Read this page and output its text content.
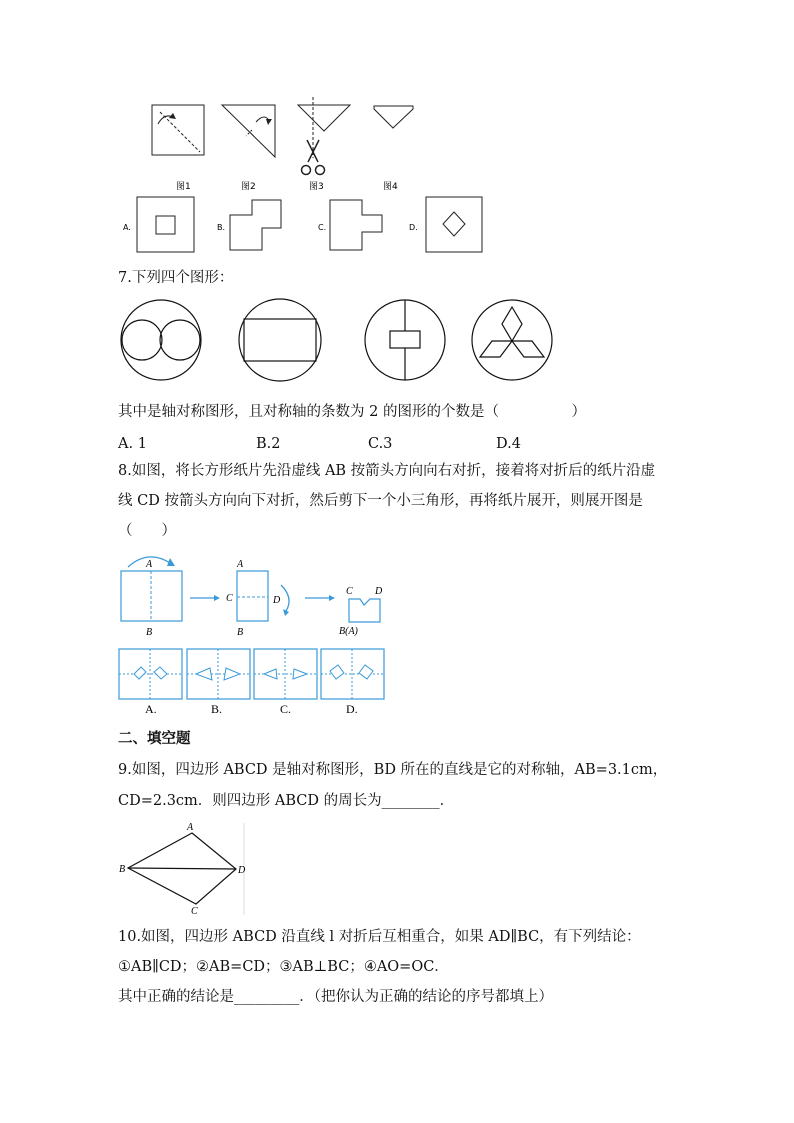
图1	图2	图3	图4
A.	B.	C.	D.
7.下列四个图形：
其中是轴对称图形，且对称轴的条数为 2 的图形的个数是（　　　　　）
A. 1	B.2	C.3	D.4
8.如图，将长方形纸片先沿虚线 AB 按箭头方向向右对折，接着将对折后的纸片沿虚
线 CD 按箭头方向向下对折，然后剪下一个小三角形，再将纸片展开，则展开图是
（　　）
A
B
A
C	D
B
C D
B(A)
A.	B.	C.	D.
二、填空题
9.如图，四边形 ABCD 是轴对称图形，BD 所在的直线是它的对称轴，AB=3.1cm，
CD=2.3cm．则四边形 ABCD 的周长为________．
A
B
C
D
10.如图，四边形 ABCD 沿直线 l 对折后互相重合，如果 AD∥BC，有下列结论：
①AB∥CD；②AB=CD；③AB⊥BC；④AO=OC．
其中正确的结论是_________．（把你认为正确的结论的序号都填上）
